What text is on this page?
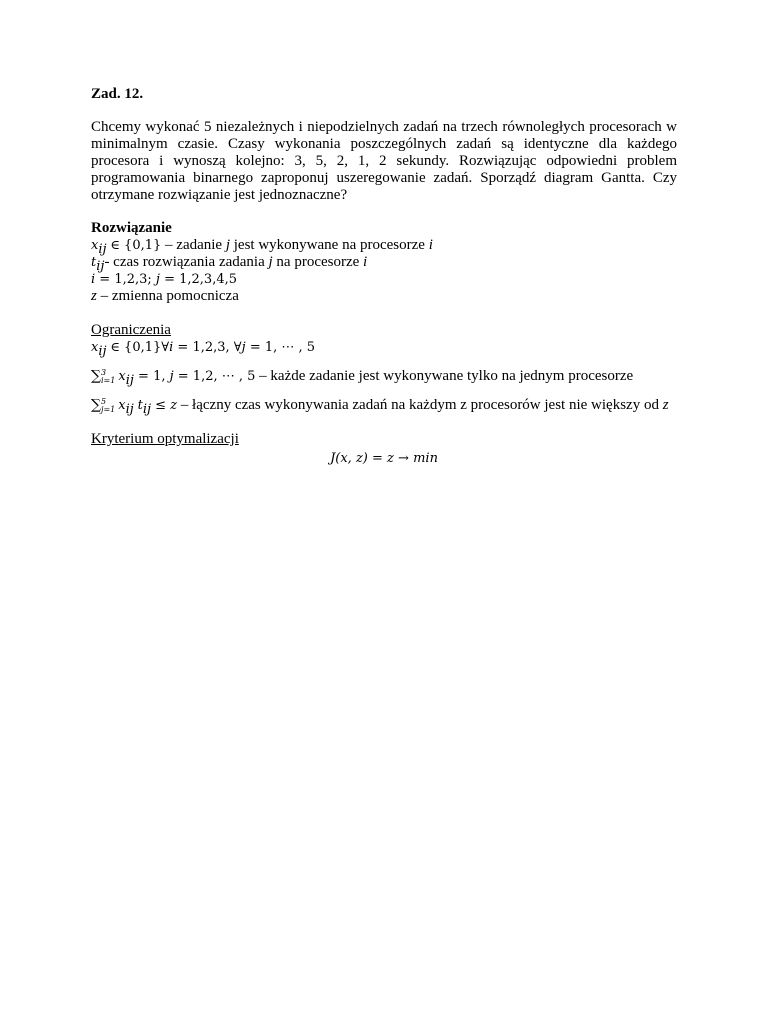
Zad. 12.
Chcemy wykonać 5 niezależnych i niepodzielnych zadań na trzech równoległych procesorach w minimalnym czasie. Czasy wykonania poszczególnych zadań są identyczne dla każdego procesora i wynoszą kolejno: 3, 5, 2, 1, 2 sekundy. Rozwiązując odpowiedni problem programowania binarnego zaproponuj uszeregowanie zadań. Sporządź diagram Gantta. Czy otrzymane rozwiązanie jest jednoznaczne?
Rozwiązanie
$x_{ij}$ ∈ {0,1} – zadanie j jest wykonywane na procesorze i
$t_{ij}-$ czas rozwiązania zadania j na procesorze i
i = 1,2,3; j = 1,2,3,4,5
z – zmienna pomocnicza
Ograniczenia
$x_{ij}$ ∈ {0,1}∀i = 1,2,3, ∀j = 1, ⋯ , 5
∑ 3
i=1 $x_{ij} = 1$, j = 1,2, ⋯ , 5 – każde zadanie jest wykonywane tylko na jednym procesorze
∑ 5
j=1 $x_{ij}$ $t_{ij} \le z$ – łączny czas wykonywania zadań na każdym z procesorów jest nie większy od z
Kryterium optymalizacji
J(x, z) = z → min
